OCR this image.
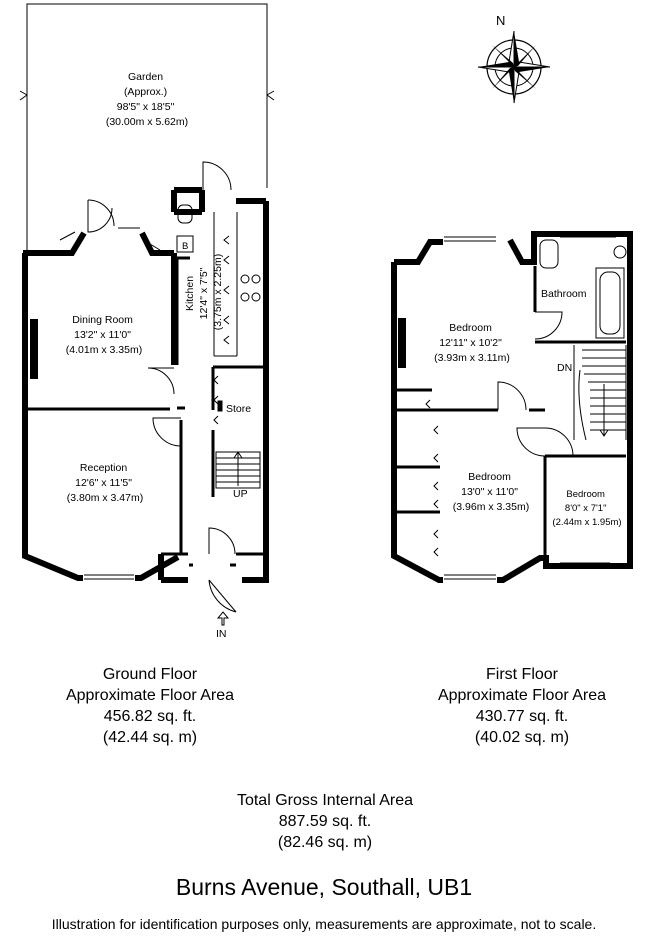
Garden (Approx.) 98'5" x 18'5" (30.00m x 5.62m)
Dining Room 13'2" x 11'0" (4.01m x 3.35m)
Kitchen 12'4" x 7'5" (3.75m x 2.25m)
Reception 12'6" x 11'5" (3.80m x 3.47m)
Store
UP
IN
B
Bedroom 12'11" x 10'2" (3.93m x 3.11m)
Bathroom
Bedroom 13'0" x 11'0" (3.96m x 3.35m)
Bedroom 8'0" x 7'1" (2.44m x 1.95m)
DN
N
Ground Floor
Approximate Floor Area
456.82 sq. ft.
(42.44 sq. m)
First Floor
Approximate Floor Area
430.77 sq. ft.
(40.02 sq. m)
Total Gross Internal Area
887.59 sq. ft.
(82.46 sq. m)
Burns Avenue, Southall, UB1
Illustration for identification purposes only, measurements are approximate, not to scale.
